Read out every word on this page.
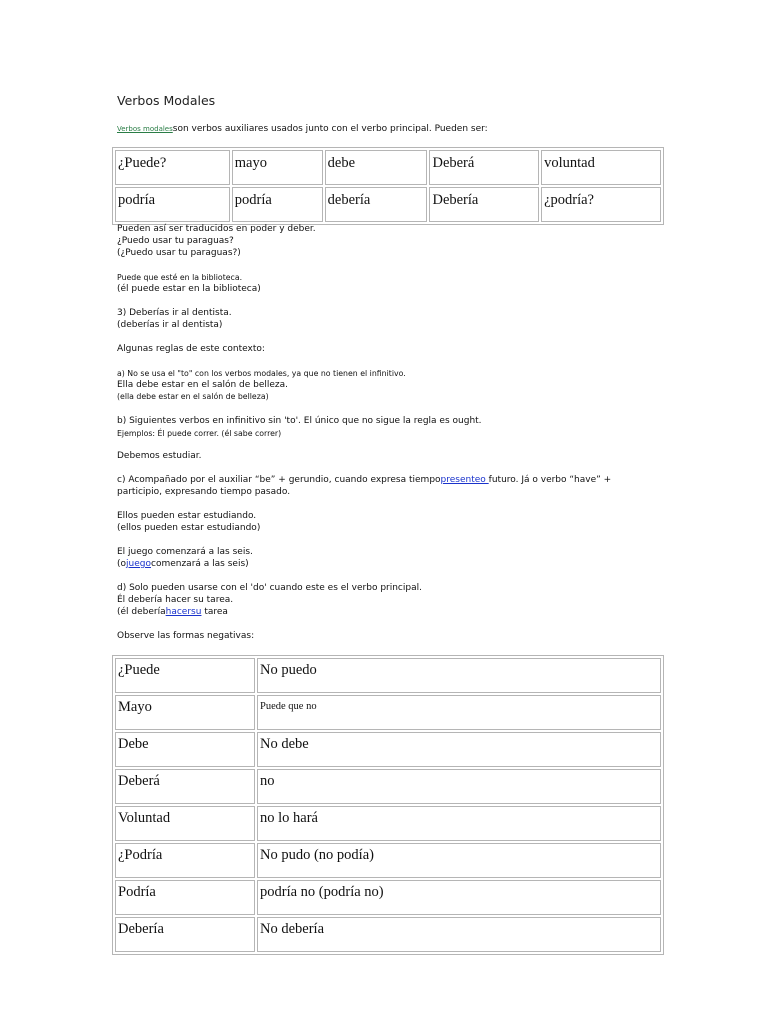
Verbos Modales
Verbos modalesson verbos auxiliares usados junto con el verbo principal. Pueden ser:
¿Puede?	mayo	debe	Deberá	voluntad
podría	podría	debería	Debería	¿podría?
Pueden así ser traducidos en poder y deber.
¿Puedo usar tu paraguas?
(¿Puedo usar tu paraguas?)
Puede que esté en la biblioteca.
(él puede estar en la biblioteca)
3) Deberías ir al dentista.
(deberías ir al dentista)
Algunas reglas de este contexto:
a) No se usa el "to" con los verbos modales, ya que no tienen el infinitivo.
Ella debe estar en el salón de belleza.
(ella debe estar en el salón de belleza)
b) Siguientes verbos en infinitivo sin 'to'. El único que no sigue la regla es ought.
Ejemplos: Él puede correr. (él sabe correr)
Debemos estudiar.
c) Acompañado por el auxiliar “be” + gerundio, cuando expresa tiempopresenteo futuro. Já o verbo “have” +
participio, expresando tiempo pasado.
Ellos pueden estar estudiando.
(ellos pueden estar estudiando)
El juego comenzará a las seis.
(ojuegocomenzará a las seis)
d) Solo pueden usarse con el 'do' cuando este es el verbo principal.
Él debería hacer su tarea.
(él deberíahacersu tarea
Observe las formas negativas:
¿Puede	No puedo
Mayo	Puede que no
Debe	No debe
Deberá	no
Voluntad	no lo hará
¿Podría	No pudo (no podía)
Podría	podría no (podría no)
Debería	No debería
